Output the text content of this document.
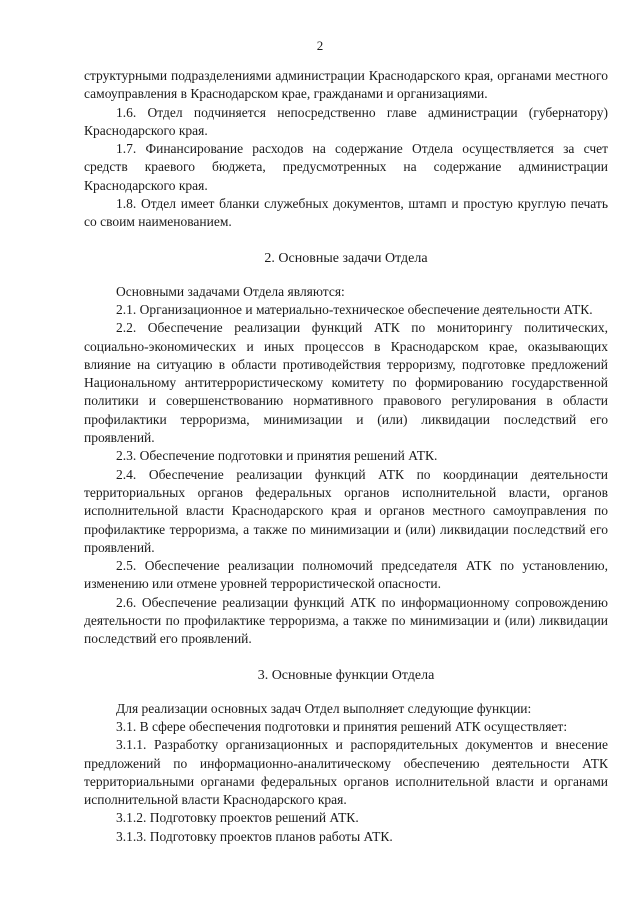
2

структурными подразделениями администрации Краснодарского края, органами местного самоуправления в Краснодарском крае, гражданами и организациями.

1.6. Отдел подчиняется непосредственно главе администрации (губернатору) Краснодарского края.

1.7. Финансирование расходов на содержание Отдела осуществляется за счет средств краевого бюджета, предусмотренных на содержание администрации Краснодарского края.

1.8. Отдел имеет бланки служебных документов, штамп и простую круглую печать со своим наименованием.

2. Основные задачи Отдела

Основными задачами Отдела являются:

2.1. Организационное и материально-техническое обеспечение деятельности АТК.

2.2. Обеспечение реализации функций АТК по мониторингу политических, социально-экономических и иных процессов в Краснодарском крае, оказывающих влияние на ситуацию в области противодействия терроризму, подготовке предложений Национальному антитеррористическому комитету по формированию государственной политики и совершенствованию нормативного правового регулирования в области профилактики терроризма, минимизации и (или) ликвидации последствий его проявлений.

2.3. Обеспечение подготовки и принятия решений АТК.

2.4. Обеспечение реализации функций АТК по координации деятельности территориальных органов федеральных органов исполнительной власти, органов исполнительной власти Краснодарского края и органов местного самоуправления по профилактике терроризма, а также по минимизации и (или) ликвидации последствий его проявлений.

2.5. Обеспечение реализации полномочий председателя АТК по установлению, изменению или отмене уровней террористической опасности.

2.6. Обеспечение реализации функций АТК по информационному сопровождению деятельности по профилактике терроризма, а также по минимизации и (или) ликвидации последствий его проявлений.

3. Основные функции Отдела

Для реализации основных задач Отдел выполняет следующие функции:

3.1. В сфере обеспечения подготовки и принятия решений АТК осуществляет:

3.1.1. Разработку организационных и распорядительных документов и внесение предложений по информационно-аналитическому обеспечению деятельности АТК территориальными органами федеральных органов исполнительной власти и органами исполнительной власти Краснодарского края.

3.1.2. Подготовку проектов решений АТК.

3.1.3. Подготовку проектов планов работы АТК.
